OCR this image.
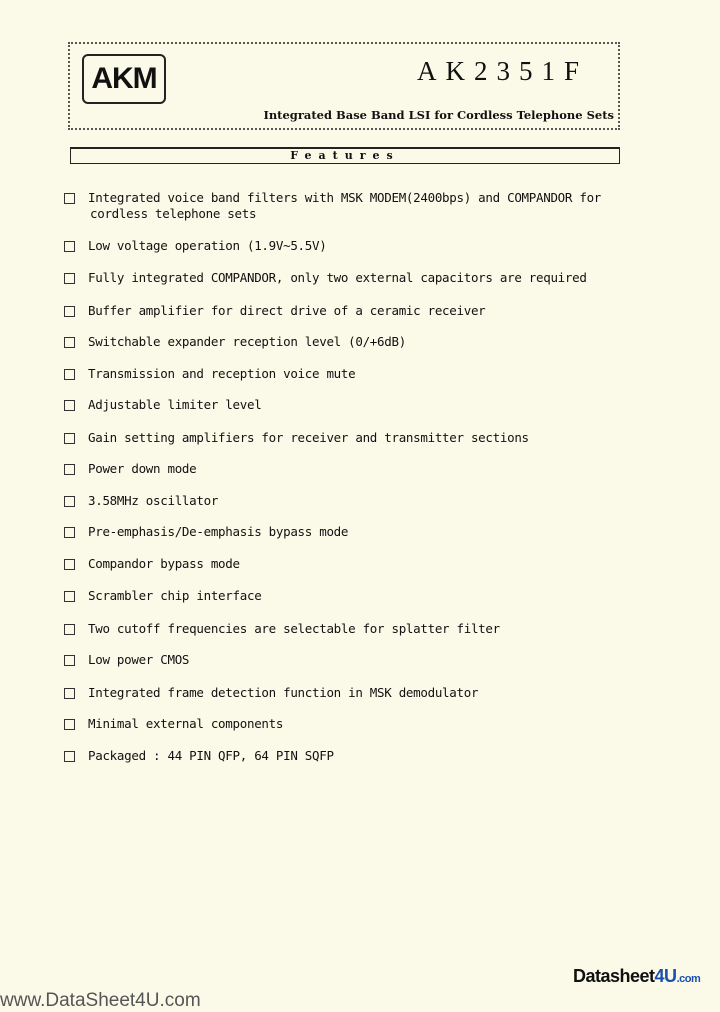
AKM	AK2351F
Integrated Base Band LSI for Cordless Telephone Sets
Features
Integrated voice band filters with MSK MODEM(2400bps) and COMPANDOR for
cordless telephone sets
Low voltage operation (1.9V~5.5V)
Fully integrated COMPANDOR, only two external capacitors are required
Buffer amplifier for direct drive of a ceramic receiver
Switchable expander reception level (0/+6dB)
Transmission and reception voice mute
Adjustable limiter level
Gain setting amplifiers for receiver and transmitter sections
Power down mode
3.58MHz oscillator
Pre-emphasis/De-emphasis bypass mode
Compandor bypass mode
Scrambler chip interface
Two cutoff frequencies are selectable for splatter filter
Low power CMOS
Integrated frame detection function in MSK demodulator
Minimal external components
Packaged : 44 PIN QFP, 64 PIN SQFP
www.DataSheet4U.com
Datasheet4U.com
